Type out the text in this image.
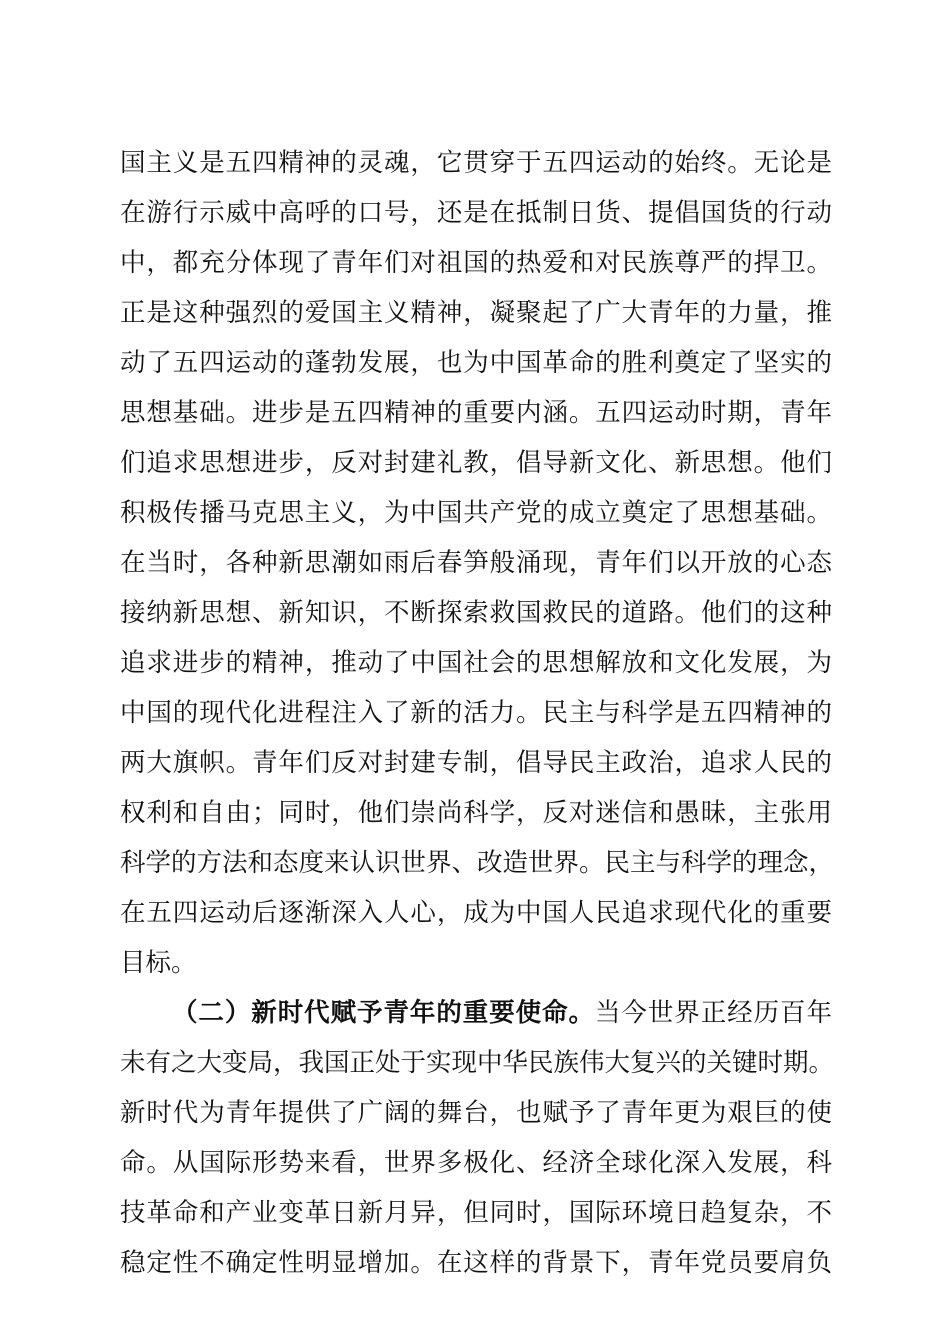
国主义是五四精神的灵魂，它贯穿于五四运动的始终。无论是
在游行示威中高呼的口号，还是在抵制日货、提倡国货的行动
中，都充分体现了青年们对祖国的热爱和对民族尊严的捍卫。
正是这种强烈的爱国主义精神，凝聚起了广大青年的力量，推
动了五四运动的蓬勃发展，也为中国革命的胜利奠定了坚实的
思想基础。进步是五四精神的重要内涵。五四运动时期，青年
们追求思想进步，反对封建礼教，倡导新文化、新思想。他们
积极传播马克思主义，为中国共产党的成立奠定了思想基础。
在当时，各种新思潮如雨后春笋般涌现，青年们以开放的心态
接纳新思想、新知识，不断探索救国救民的道路。他们的这种
追求进步的精神，推动了中国社会的思想解放和文化发展，为
中国的现代化进程注入了新的活力。民主与科学是五四精神的
两大旗帜。青年们反对封建专制，倡导民主政治，追求人民的
权利和自由；同时，他们崇尚科学，反对迷信和愚昧，主张用
科学的方法和态度来认识世界、改造世界。民主与科学的理念，
在五四运动后逐渐深入人心，成为中国人民追求现代化的重要
目标。
（二）新时代赋予青年的重要使命。当今世界正经历百年
未有之大变局，我国正处于实现中华民族伟大复兴的关键时期。
新时代为青年提供了广阔的舞台，也赋予了青年更为艰巨的使
命。从国际形势来看，世界多极化、经济全球化深入发展，科
技革命和产业变革日新月异，但同时，国际环境日趋复杂，不
稳定性不确定性明显增加。在这样的背景下，青年党员要肩负
